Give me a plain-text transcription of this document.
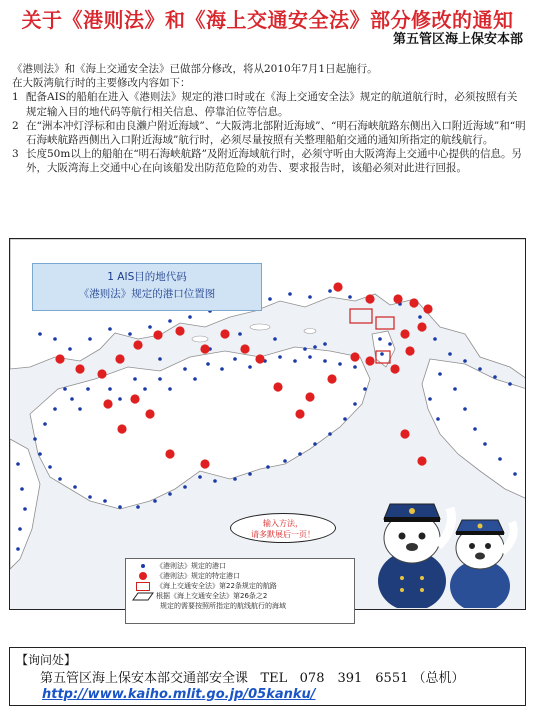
关于《港则法》和《海上交通安全法》部分修改的通知
第五管区海上保安本部

《港则法》和《海上交通安全法》已做部分修改，将从2010年7月1日起施行。

在大阪湾航行时的主要修改内容如下：

1 配备AIS的船舶在进入《港则法》规定的港口时或在《海上交通安全法》规定的航道航行时，必须按照有关规定输入目的地代码等航行相关信息、停靠泊位等信息。
2 在“洲本冲灯浮标和由良濑户附近海域”、“大阪湾北部附近海域”、“明石海峡航路东侧出入口附近海域”和“明石海峡航路西侧出入口附近海域”航行时，必须尽量按照有关整理船舶交通的通知所指定的航线航行。
3 长度50m以上的船舶在“明石海峡航路”及附近海域航行时，必须守听由大阪湾海上交通中心提供的信息。另外，大阪湾海上交通中心在向该船发出防范危险的劝告、要求报告时，该船必须对此进行回报。
1 AIS目的地代码
《港则法》规定的港口位置图
输入方法，
请多默展后一页！
《港则法》规定的港口
《港则法》规定的特定港口
《海上交通安全法》第22条规定的航路
根据《海上交通安全法》第26条之2
规定的需要按照所指定的航线航行的海域
【询问处】
第五管区海上保安本部交通部安全课 TEL 078　391　6551 （总机）
http://www.kaiho.mlit.go.jp/05kanku/
